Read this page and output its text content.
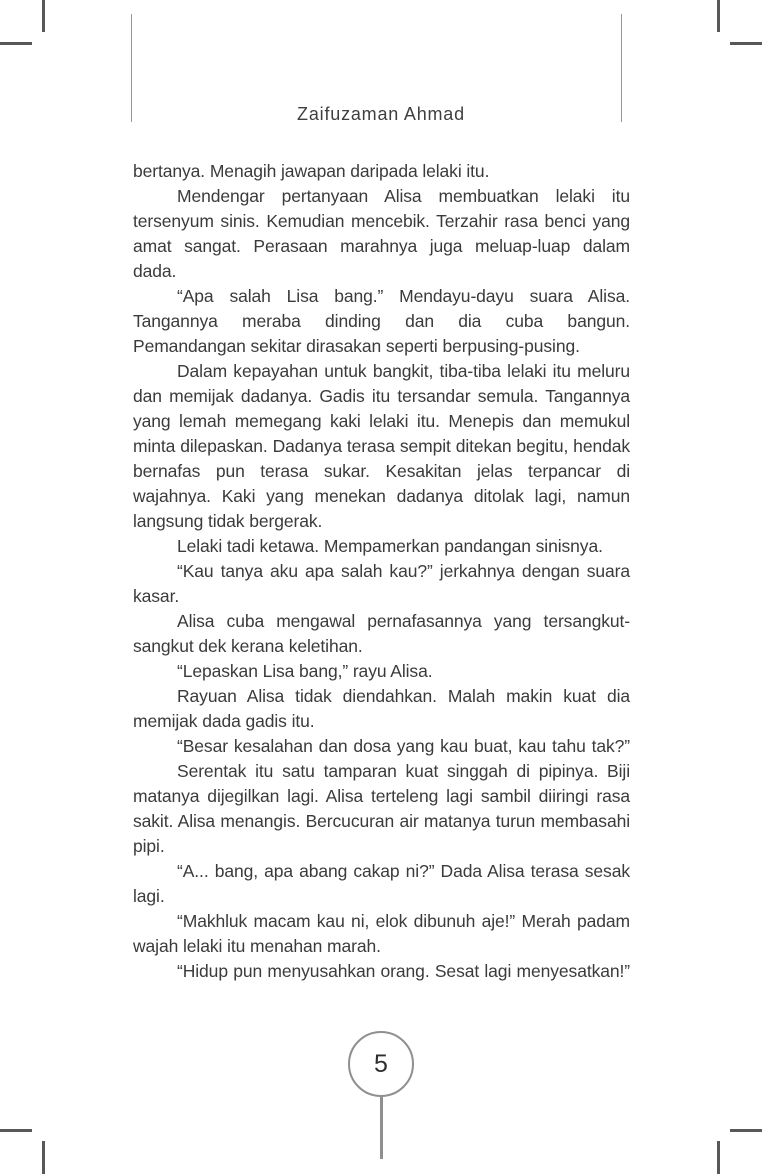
Zaifuzaman Ahmad

bertanya. Menagih jawapan daripada lelaki itu.

Mendengar pertanyaan Alisa membuatkan lelaki itu tersenyum sinis. Kemudian mencebik. Terzahir rasa benci yang amat sangat. Perasaan marahnya juga meluap-luap dalam dada.

“Apa salah Lisa bang.” Mendayu-dayu suara Alisa. Tangannya meraba dinding dan dia cuba bangun. Pemandangan sekitar dirasakan seperti berpusing-pusing.

Dalam kepayahan untuk bangkit, tiba-tiba lelaki itu meluru dan memijak dadanya. Gadis itu tersandar semula. Tangannya yang lemah memegang kaki lelaki itu. Menepis dan memukul minta dilepaskan. Dadanya terasa sempit ditekan begitu, hendak bernafas pun terasa sukar. Kesakitan jelas terpancar di wajahnya. Kaki yang menekan dadanya ditolak lagi, namun langsung tidak bergerak.

Lelaki tadi ketawa. Mempamerkan pandangan sinisnya.

“Kau tanya aku apa salah kau?” jerkahnya dengan suara kasar.

Alisa cuba mengawal pernafasannya yang tersangkut-sangkut dek kerana keletihan.

“Lepaskan Lisa bang,” rayu Alisa.

Rayuan Alisa tidak diendahkan. Malah makin kuat dia memijak dada gadis itu.

“Besar kesalahan dan dosa yang kau buat, kau tahu tak?”

Serentak itu satu tamparan kuat singgah di pipinya. Biji matanya dijegilkan lagi. Alisa terteleng lagi sambil diiringi rasa sakit. Alisa menangis. Bercucuran air matanya turun membasahi pipi.

“A... bang, apa abang cakap ni?” Dada Alisa terasa sesak lagi.

“Makhluk macam kau ni, elok dibunuh aje!” Merah padam wajah lelaki itu menahan marah.

“Hidup pun menyusahkan orang. Sesat lagi menyesatkan!”

5
